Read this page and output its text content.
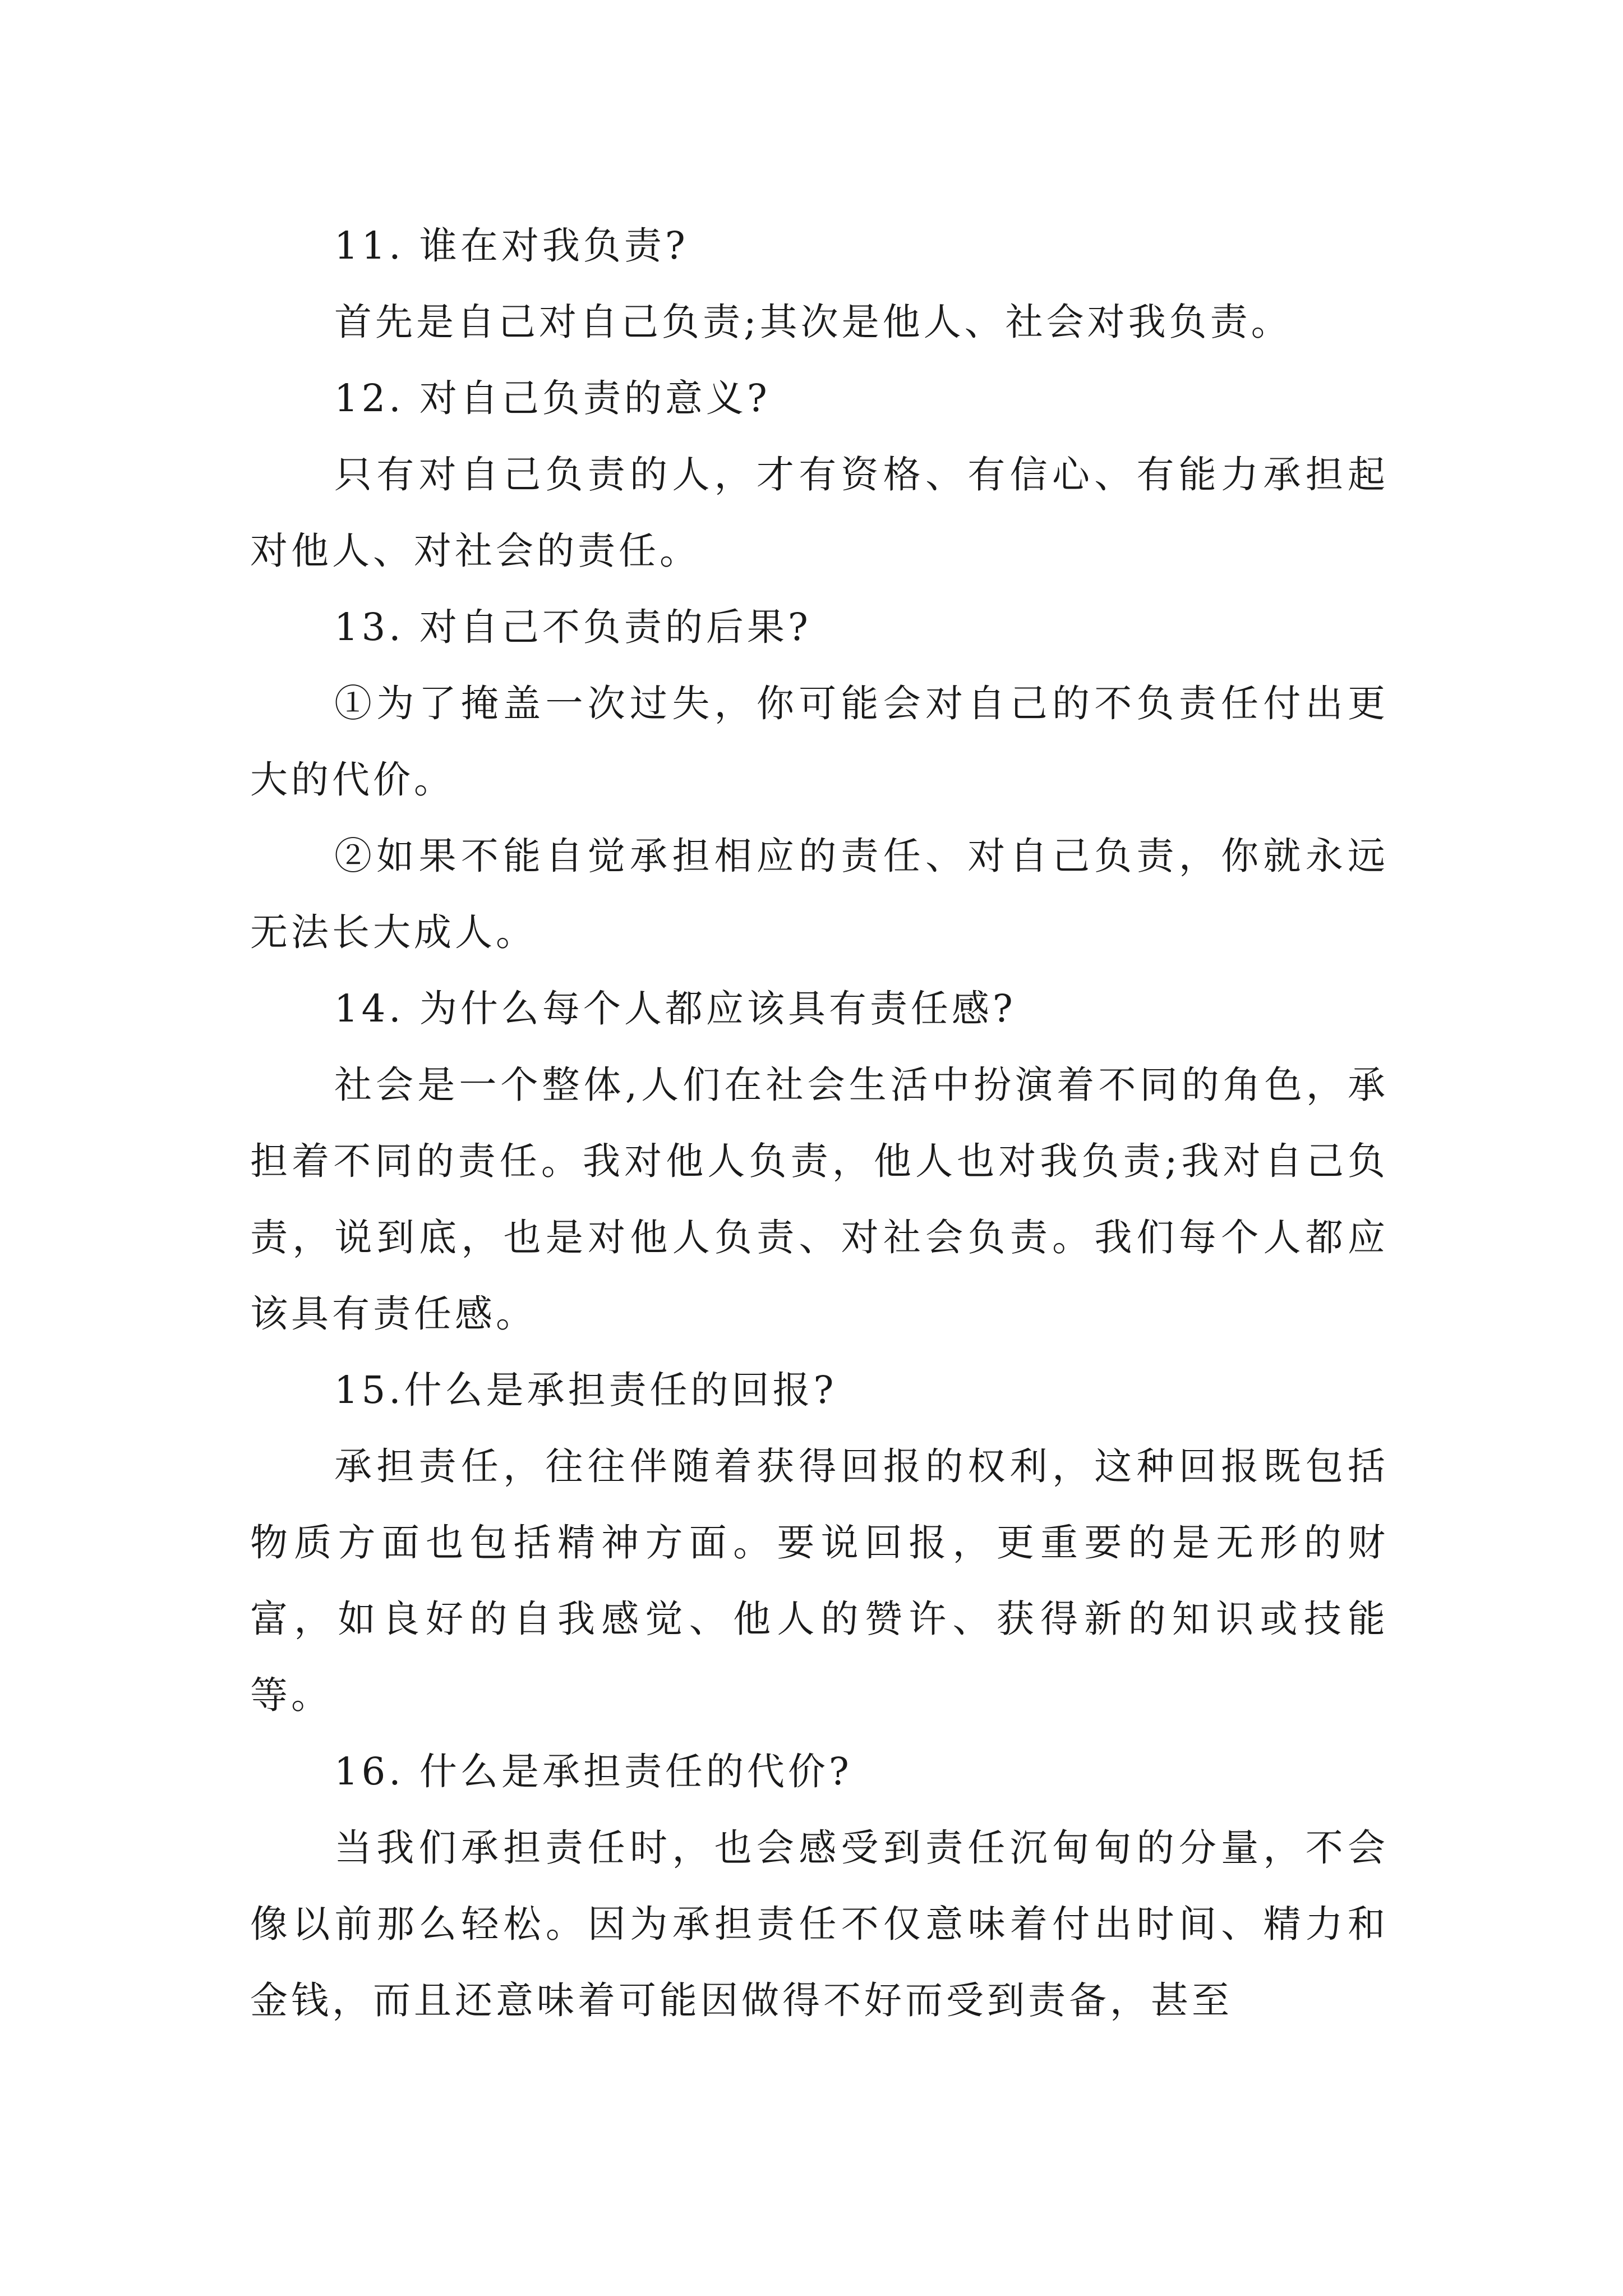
11. 谁在对我负责?

首先是自己对自己负责;其次是他人、社会对我负责。

12. 对自己负责的意义?

只有对自己负责的人，才有资格、有信心、有能力承担起对他人、对社会的责任。

13. 对自己不负责的后果?

①为了掩盖一次过失，你可能会对自己的不负责任付出更大的代价。

②如果不能自觉承担相应的责任、对自己负责，你就永远无法长大成人。

14. 为什么每个人都应该具有责任感?

社会是一个整体,人们在社会生活中扮演着不同的角色，承担着不同的责任。我对他人负责，他人也对我负责;我对自己负责，说到底，也是对他人负责、对社会负责。我们每个人都应该具有责任感。

15.什么是承担责任的回报?

承担责任，往往伴随着获得回报的权利，这种回报既包括物质方面也包括精神方面。要说回报，更重要的是无形的财富，如良好的自我感觉、他人的赞许、获得新的知识或技能等。

16. 什么是承担责任的代价?

当我们承担责任时，也会感受到责任沉甸甸的分量，不会像以前那么轻松。因为承担责任不仅意味着付出时间、精力和金钱，而且还意味着可能因做得不好而受到责备，甚至
